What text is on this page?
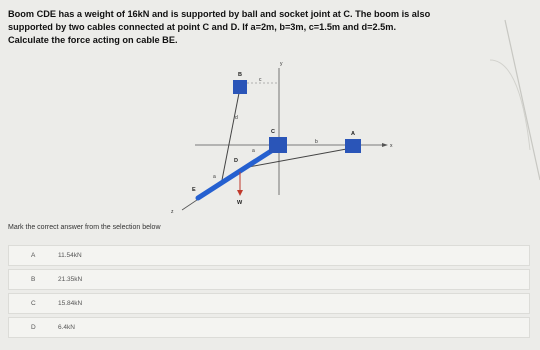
Boom CDE has a weight of 16kN and is supported by ball and socket joint at C. The boom is also
supported by two cables connected at point C and D. If a=2m, b=3m, c=1.5m and d=2.5m.
Calculate the force acting on cable BE.
B
c
y
d
C
b
A
x
a
D
a
E
W
z
Mark the correct answer from the selection below
A	11.54kN
B	21.35kN
C	15.84kN
D	6.4kN
